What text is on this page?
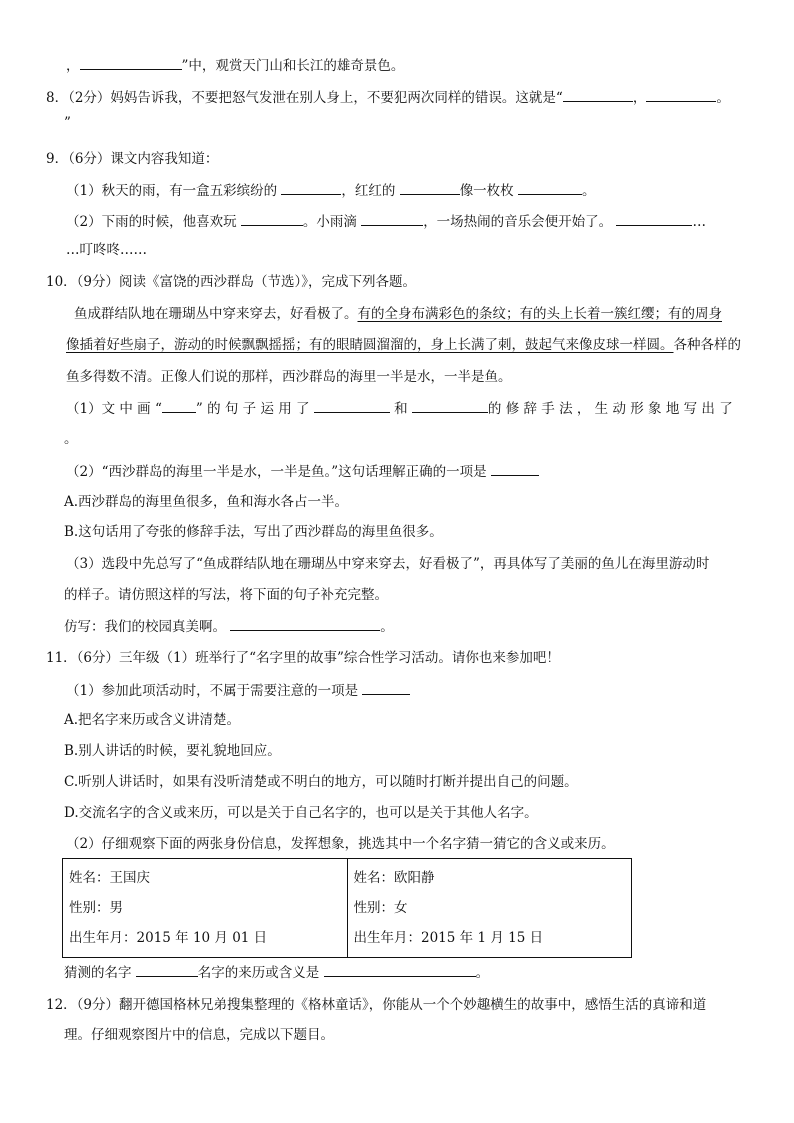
，	”中，观赏天门山和长江的雄奇景色。
8．（2分）妈妈告诉我，不要把怒气发泄在别人身上，不要犯两次同样的错误。这就是“	，	。
”
9．（6分）课文内容我知道：
（1）秋天的雨，有一盒五彩缤纷的	，红红的	像一枚枚	。
（2）下雨的时候，他喜欢玩	。小雨滴	，一场热闹的音乐会便开始了。	…
…叮咚咚……
10．（9分）阅读《富饶的西沙群岛（节选）》，完成下列各题。
鱼成群结队地在珊瑚丛中穿来穿去，好看极了。有的全身布满彩色的条纹；有的头上长着一簇红缨；有的周身
像插着好些扇子，游动的时候飘飘摇摇；有的眼睛圆溜溜的，身上长满了刺，鼓起气来像皮球一样圆。各种各样的
鱼多得数不清。正像人们说的那样，西沙群岛的海里一半是水，一半是鱼。
（1）文 中 画 “	” 的 句 子 运 用 了	和	的 修 辞 手 法 ， 生 动 形 象 地 写 出 了
。
（2）“西沙群岛的海里一半是水，一半是鱼。”这句话理解正确的一项是
A.西沙群岛的海里鱼很多，鱼和海水各占一半。
B.这句话用了夸张的修辞手法，写出了西沙群岛的海里鱼很多。
（3）选段中先总写了“鱼成群结队地在珊瑚丛中穿来穿去，好看极了”，再具体写了美丽的鱼儿在海里游动时
的样子。请仿照这样的写法，将下面的句子补充完整。
仿写：我们的校园真美啊。	。
11．（6分）三年级（1）班举行了“名字里的故事”综合性学习活动。请你也来参加吧！
（1）参加此项活动时，不属于需要注意的一项是
A.把名字来历或含义讲清楚。
B.别人讲话的时候，要礼貌地回应。
C.听别人讲话时，如果有没听清楚或不明白的地方，可以随时打断并提出自己的问题。
D.交流名字的含义或来历，可以是关于自己名字的，也可以是关于其他人名字。
（2）仔细观察下面的两张身份信息，发挥想象，挑选其中一个名字猜一猜它的含义或来历。
姓名：王国庆
性别：男
出生年月：2015 年 10 月 01 日

姓名：欧阳静
性别：女
出生年月：2015 年 1 月 15 日
猜测的名字	名字的来历或含义是	。
12．（9分）翻开德国格林兄弟搜集整理的《格林童话》，你能从一个个妙趣横生的故事中，感悟生活的真谛和道
理。仔细观察图片中的信息，完成以下题目。
